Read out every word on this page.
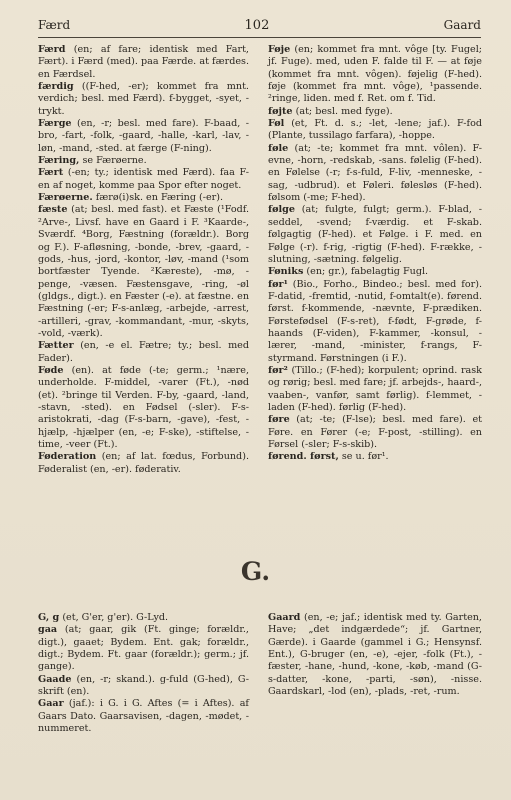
Færd	102	Gaard
Færd (en; af fare; identisk med Fart, Fært). i Færd (med). paa Færde. at færdes. en Færdsel.
færdig ((F-hed, -er); kommet fra mnt. verdich; besl. med Færd). f-bygget, -syet, -trykt.
Færge (en, -r; besl. med fare). F-baad, -bro, -fart, -folk, -gaard, -halle, -karl, -lav, -løn, -mand, -sted. at færge (F-ning).
Færing, se Færøerne.
Fært (-en; ty.; identisk med Færd). faa F-en af noget, komme paa Spor efter noget.
Færøerne. færø(i)sk. en Færing (-er).
fæste (at; besl. med fast). et Fæste (¹Fodf. ²Arve-, Livsf. have en Gaard i F. ³Kaarde-, Sværdf. ⁴Borg, Fæstning (forældr.). Borg og F.). F-afløsning, -bonde, -brev, -gaard, -gods, -hus, -jord, -kontor, -løv, -mand (¹som bortfæster Tyende. ²Kæreste), -mø, -penge, -væsen. Fæstensgave, -ring, -øl (gldgs., digt.). en Fæster (-e). at fæstne. en Fæstning (-er; F-s-anlæg, -arbejde, -arrest, -artilleri, -grav, -kommandant, -mur, -skyts, -vold, -værk).
Fætter (en, -e el. Fætre; ty.; besl. med Fader).
Føde (en). at føde (-te; germ.; ¹nære, underholde. F-middel, -varer (Ft.), -nød (et). ²bringe til Verden. F-by, -gaard, -land, -stavn, -sted). en Fødsel (-sler). F-s-aristokrati, -dag (F-s-barn, -gave), -fest, -hjælp, -hjælper (en, -e; F-ske), -stiftelse, -time, -veer (Ft.).
Føderation (en; af lat. fœdus, Forbund). Føderalist (en, -er). føderativ.
Føje (en; kommet fra mnt. vôge [ty. Fugel; jf. Fuge). med, uden F. falde til F. — at føje (kommet fra mnt. vôgen). føjelig (F-hed). føje (kommet fra mnt. vôge), ¹passende. ²ringe, liden. med f. Ret. om f. Tid.
føjte (at; besl. med fyge).
Føl (et, Ft. d. s.; -let, -lene; jaf.). F-fod (Plante, tussilago farfara), -hoppe.
føle (at; -te; kommet fra mnt. vôlen). F-evne, -horn, -redskab, -sans. følelig (F-hed). en Følelse (-r; f-s-fuld, F-liv, -menneske, -sag, -udbrud). et Føleri. følesløs (F-hed). følsom (-me; F-hed).
følge (at; fulgte, fulgt; germ.). F-blad, -seddel, -svend; f-værdig. et F-skab. følgagtig (F-hed). et Følge. i F. med. en Følge (-r). f-rig, -rigtig (F-hed). F-række, -slutning, -sætning. følgelig.
Føniks (en; gr.), fabelagtig Fugl.
før¹ (Bio., Forho., Bindeo.; besl. med for). F-datid, -fremtid, -nutid, f-omtalt(e). førend. først. f-kommende, -nævnte, F-prædiken. Førstefødsel (F-s-ret), f-født, F-grøde, f-haands (F-viden), F-kammer, -konsul, -lærer, -mand, -minister, f-rangs, F-styrmand. Førstningen (i F.).
før² (Tillo.; (F-hed); korpulent; oprind. rask og rørig; besl. med fare; jf. arbejds-, haard-, vaaben-, vanfør, samt førlig). f-lemmet, -laden (F-hed). førlig (F-hed).
føre (at; -te; (F-lse); besl. med fare). et Føre. en Fører (-e; F-post, -stilling). en Førsel (-sler; F-s-skib).
førend. først, se u. før¹.
G.
G, g (et, G'er, g'er). G-Lyd.
gaa (at; gaar, gik (Ft. ginge; forældr., digt.), gaaet; Bydem. Ent. gak; forældr., digt.; Bydem. Ft. gaar (forældr.); germ.; jf. gange).
Gaade (en, -r; skand.). g-fuld (G-hed), G-skrift (en).
Gaar (jaf.): i G. i G. Aftes (= i Aftes). af Gaars Dato. Gaarsavisen, -dagen, -mødet, -nummeret.
Gaard (en, -e; jaf.; identisk med ty. Garten, Have; „det indgærdede“; jf. Gartner, Gærde). i Gaarde (gammel i G.; Hensynsf. Ent.), G-bruger (en, -e), -ejer, -folk (Ft.), -fæster, -hane, -hund, -kone, -køb, -mand (G-s-datter, -kone, -parti, -søn), -nisse. Gaardskarl, -lod (en), -plads, -ret, -rum.
